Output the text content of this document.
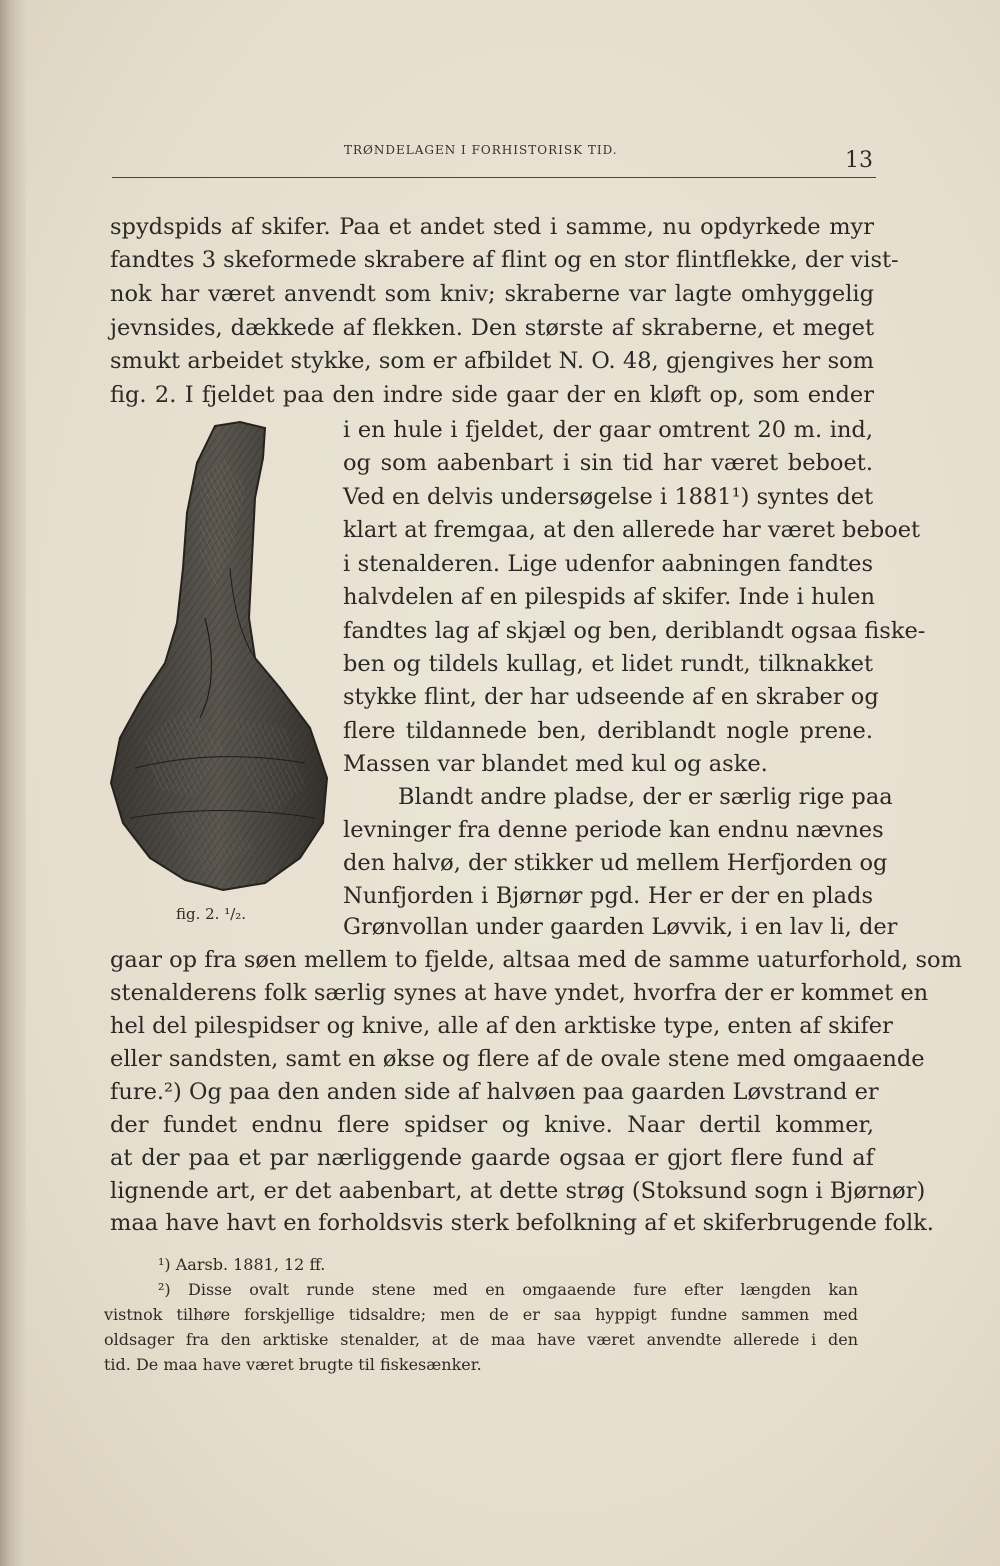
TRØNDELAGEN I FORHISTORISK TID.	13
fig. 2. ¹/₂.
spydspids af skifer. Paa et andet sted i samme, nu opdyrkede myr
fandtes 3 skeformede skrabere af flint og en stor flintflekke, der vist-
nok har været anvendt som kniv; skraberne var lagte omhyggelig
jevnsides, dækkede af flekken. Den største af skraberne, et meget
smukt arbeidet stykke, som er afbildet N. O. 48, gjengives her som
fig. 2. I fjeldet paa den indre side gaar der en kløft op, som ender
i en hule i fjeldet, der gaar omtrent 20 m. ind,
og som aabenbart i sin tid har været beboet.
Ved en delvis undersøgelse i 1881¹) syntes det
klart at fremgaa, at den allerede har været beboet
i stenalderen. Lige udenfor aabningen fandtes
halvdelen af en pilespids af skifer. Inde i hulen
fandtes lag af skjæl og ben, deriblandt ogsaa fiske-
ben og tildels kullag, et lidet rundt, tilknakket
stykke flint, der har udseende af en skraber og
flere tildannede ben, deriblandt nogle prene.
Massen var blandet med kul og aske.
Blandt andre pladse, der er særlig rige paa
levninger fra denne periode kan endnu nævnes
den halvø, der stikker ud mellem Herfjorden og
Nunfjorden i Bjørnør pgd. Her er der en plads
Grønvollan under gaarden Løvvik, i en lav li, der
gaar op fra søen mellem to fjelde, altsaa med de samme uaturforhold, som
stenalderens folk særlig synes at have yndet, hvorfra der er kommet en
hel del pilespidser og knive, alle af den arktiske type, enten af skifer
eller sandsten, samt en økse og flere af de ovale stene med omgaaende
fure.²) Og paa den anden side af halvøen paa gaarden Løvstrand er
der fundet endnu flere spidser og knive. Naar dertil kommer,
at der paa et par nærliggende gaarde ogsaa er gjort flere fund af
lignende art, er det aabenbart, at dette strøg (Stoksund sogn i Bjørnør)
maa have havt en forholdsvis sterk befolkning af et skiferbrugende folk.
¹) Aarsb. 1881, 12 ff.
²) Disse ovalt runde stene med en omgaaende fure efter længden kan
vistnok tilhøre forskjellige tidsaldre; men de er saa hyppigt fundne sammen med
oldsager fra den arktiske stenalder, at de maa have været anvendte allerede i den
tid. De maa have været brugte til fiskesænker.
